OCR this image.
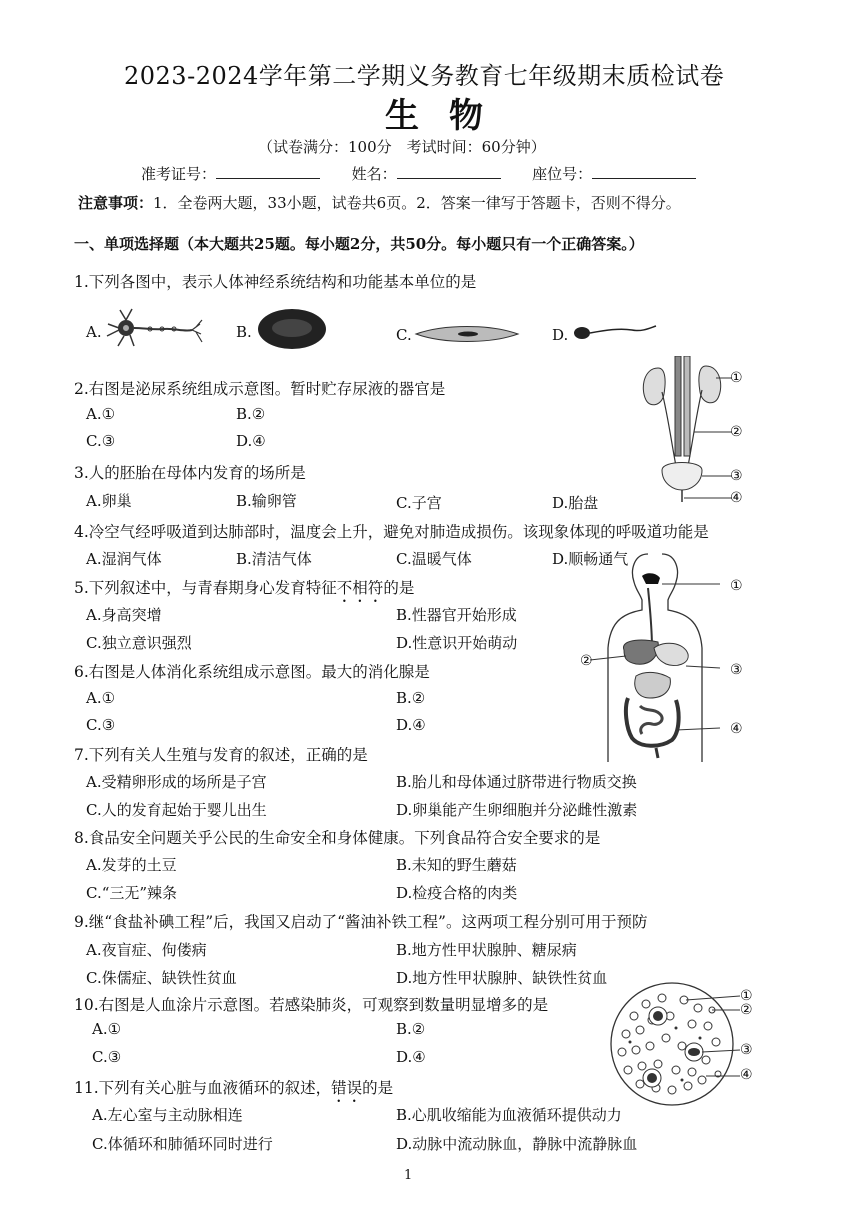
2023-2024学年第二学期义务教育七年级期末质检试卷
生物
（试卷满分：100分　考试时间：60分钟）
准考证号：	姓名：	座位号：
注意事项：1．全卷两大题，33小题，试卷共6页。2．答案一律写于答题卡，否则不得分。
一、单项选择题（本大题共25题。每小题2分，共50分。每小题只有一个正确答案。）
1.下列各图中，表示人体神经系统结构和功能基本单位的是
A.	B.	C.	D.
①
②
③
④
2.右图是泌尿系统组成示意图。暂时贮存尿液的器官是
A.①	B.②
C.③	D.④
3.人的胚胎在母体内发育的场所是
A.卵巢	B.输卵管	C.子宫	D.胎盘
4.冷空气经呼吸道到达肺部时，温度会上升，避免对肺造成损伤。该现象体现的呼吸道功能是
A.湿润气体	B.清洁气体	C.温暖气体	D.顺畅通气
①
②
③
④
5.下列叙述中，与青春期身心发育特征不相符的是
A.身高突增	B.性器官开始形成
C.独立意识强烈	D.性意识开始萌动
6.右图是人体消化系统组成示意图。最大的消化腺是
A.①	B.②
C.③	D.④
7.下列有关人生殖与发育的叙述，正确的是
A.受精卵形成的场所是子宫	B.胎儿和母体通过脐带进行物质交换
C.人的发育起始于婴儿出生	D.卵巢能产生卵细胞并分泌雌性激素
8.食品安全问题关乎公民的生命安全和身体健康。下列食品符合安全要求的是
A.发芽的土豆	B.未知的野生蘑菇
C.“三无”辣条	D.检疫合格的肉类
9.继“食盐补碘工程”后，我国又启动了“酱油补铁工程”。这两项工程分别可用于预防
A.夜盲症、佝偻病	B.地方性甲状腺肿、糖尿病
C.侏儒症、缺铁性贫血	D.地方性甲状腺肿、缺铁性贫血
①
②
③
④
10.右图是人血涂片示意图。若感染肺炎，可观察到数量明显增多的是
A.①	B.②
C.③	D.④
11.下列有关心脏与血液循环的叙述，错误的是
A.左心室与主动脉相连	B.心肌收缩能为血液循环提供动力
C.体循环和肺循环同时进行	D.动脉中流动脉血，静脉中流静脉血
1
